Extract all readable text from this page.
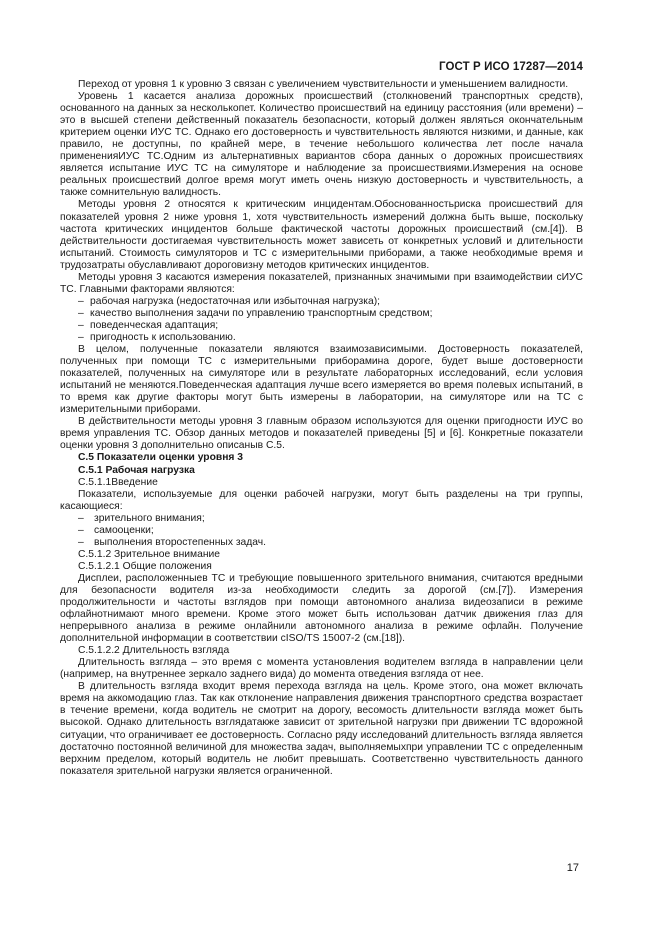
ГОСТ Р ИСО 17287—2014

Переход от уровня 1 к уровню 3 связан с увеличением чувствительности и уменьшением валидности.

Уровень 1 касается анализа дорожных происшествий (столкновений транспортных средств), основанного на данных за несколькопет. Количество происшествий на единицу расстояния (или времени) – это в высшей степени действенный показатель безопасности, который должен являться окончательным критерием оценки ИУС ТС. Однако его достоверность и чувствительность являются низкими, и данные, как правило, не доступны, по крайней мере, в течение небольшого количества лет после начала примененияИУС ТС.Одним из альтернативных вариантов сбора данных о дорожных происшествиях является испытание ИУС ТС на симуляторе и наблюдение за происшествиями.Измерения на основе реальных происшествий долгое время могут иметь очень низкую достоверность и чувствительность, а также сомнительную валидность.

Методы уровня 2 относятся к критическим инцидентам.Обоснованностьриска происшествий для показателей уровня 2 ниже уровня 1, хотя чувствительность измерений должна быть выше, поскольку частота критических инцидентов больше фактической частоты дорожных происшествий (см.[4]). В действительности достигаемая чувствительность может зависеть от конкретных условий и длительности испытаний. Стоимость симуляторов и ТС с измерительными приборами, а также необходимые время и трудозатраты обуславливают дороговизну методов критических инцидентов.

Методы уровня 3 касаются измерения показателей, признанных значимыми при взаимодействии сИУС ТС. Главными факторами являются:

– рабочая нагрузка (недостаточная или избыточная нагрузка);
– качество выполнения задачи по управлению транспортным средством;
– поведенческая адаптация;
– пригодность к использованию.

В целом, полученные показатели являются взаимозависимыми. Достоверность показателей, полученных при помощи ТС с измерительными приборамина дороге, будет выше достоверности показателей, полученных на симуляторе или в результате лабораторных исследований, если условия испытаний не меняются.Поведенческая адаптация лучше всего измеряется во время полевых испытаний, в то время как другие факторы могут быть измерены в лаборатории, на симуляторе или на ТС с измерительными приборами.

В действительности методы уровня 3 главным образом используются для оценки пригодности ИУС во время управления ТС. Обзор данных методов и показателей приведены [5] и [6]. Конкретные показатели оценки уровня 3 дополнительно описаныв С.5.

С.5 Показатели оценки уровня 3

С.5.1 Рабочая нагрузка

С.5.1.1Введение

Показатели, используемые для оценки рабочей нагрузки, могут быть разделены на три группы, касающиеся:

– зрительного внимания;
– самооценки;
– выполнения второстепенных задач.

С.5.1.2 Зрительное внимание

С.5.1.2.1 Общие положения

Дисплеи, расположенныев ТС и требующие повышенного зрительного внимания, считаются вредными для безопасности водителя из-за необходимости следить за дорогой (см.[7]). Измерения продолжительности и частоты взглядов при помощи автономного анализа видеозаписи в режиме офлайнотнимают много времени. Кроме этого может быть использован датчик движения глаз для непрерывного анализа в режиме онлайнили автономного анализа в режиме офлайн. Получение дополнительной информации в соответствии сISO/TS 15007-2 (см.[18]).

С.5.1.2.2 Длительность взгляда

Длительность взгляда – это время с момента установления водителем взгляда в направлении цели (например, на внутреннее зеркало заднего вида) до момента отведения взгляда от нее.

В длительность взгляда входит время перехода взгляда на цель. Кроме этого, она может включать время на аккомодацию глаз. Так как отклонение направления движения транспортного средства возрастает в течение времени, когда водитель не смотрит на дорогу, весомость длительности взгляда может быть высокой. Однако длительность взглядатакже зависит от зрительной нагрузки при движении ТС вдорожной ситуации, что ограничивает ее достоверность. Согласно ряду исследований длительность взгляда является достаточно постоянной величиной для множества задач, выполняемыхпри управлении ТС с определенным верхним пределом, который водитель не любит превышать. Соответственно чувствительность данного показателя зрительной нагрузки является ограниченной.

17
